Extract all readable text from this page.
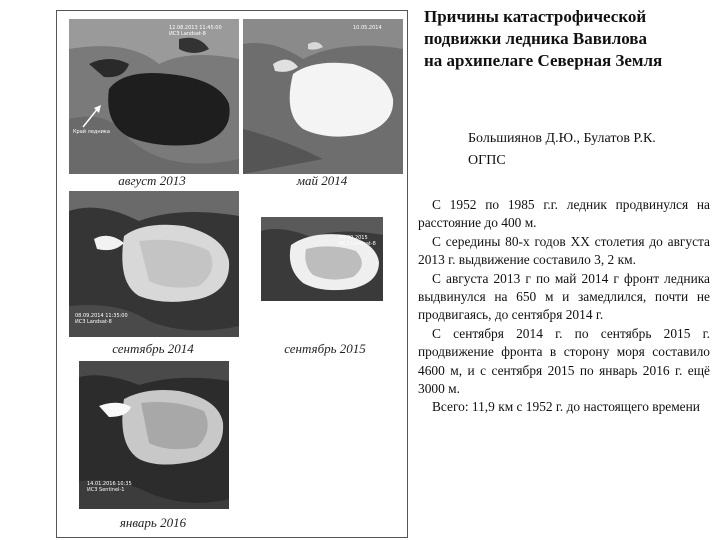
12.08.2013 11:45:00
ИСЗ Landsat-8
Край ледника
август 2013
10.05.2014
май 2014
08.09.2014 11:35:00
ИСЗ Landsat-8
сентябрь 2014
04.09.2015
ИСЗ Landsat-8
сентябрь 2015
14.01.2016 10:35
ИСЗ Sentinel-1
январь 2016
Причины катастрофической
подвижки ледника Вавилова
на архипелаге Северная Земля
Большиянов Д.Ю., Булатов Р.К.
ОГПС

С 1952 по 1985 г.г. ледник продвинулся на расстояние до 400 м.

С середины 80-х годов ХХ столетия до августа 2013 г. выдвижение составило 3, 2 км.

С августа 2013 г по май 2014 г фронт ледника выдвинулся на 650 м и замедлился, почти не продвигаясь, до сентября 2014 г.

С сентября 2014 г. по сентябрь 2015 г. продвижение фронта в сторону моря составило 4600 м, и с сентября 2015 по январь 2016 г. ещё 3000 м.

Всего: 11,9 км с 1952 г. до настоящего времени
